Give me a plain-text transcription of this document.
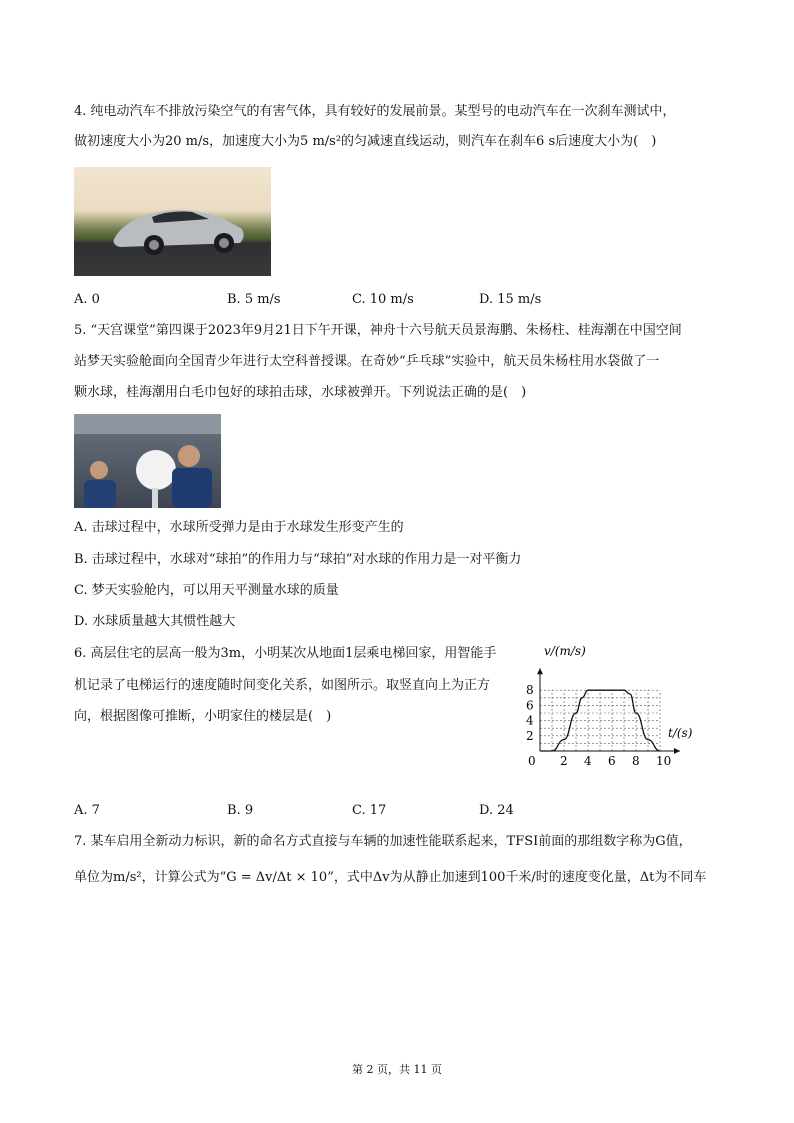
4. 纯电动汽车不排放污染空气的有害气体，具有较好的发展前景。某型号的电动汽车在一次刹车测试中，
做初速度大小为20 m/s，加速度大小为5 m/s²的匀减速直线运动，则汽车在刹车6 s后速度大小为(　)
A. 0	B. 5 m/s	C. 10 m/s	D. 15 m/s
5. “天宫课堂”第四课于2023年9月21日下午开课，神舟十六号航天员景海鹏、朱杨柱、桂海潮在中国空间
站梦天实验舱面向全国青少年进行太空科普授课。在奇妙“乒乓球”实验中，航天员朱杨柱用水袋做了一
颗水球，桂海潮用白毛巾包好的球拍击球，水球被弹开。下列说法正确的是(　)
A. 击球过程中，水球所受弹力是由于水球发生形变产生的
B. 击球过程中，水球对“球拍”的作用力与“球拍”对水球的作用力是一对平衡力
C. 梦天实验舱内，可以用天平测量水球的质量
D. 水球质量越大其惯性越大
6. 高层住宅的层高一般为3m，小明某次从地面1层乘电梯回家，用智能手
机记录了电梯运行的速度随时间变化关系，如图所示。取竖直向上为正方
向，根据图像可推断，小明家住的楼层是(　)
0 2 4 6 8 10
2
4
6
8
v/(m/s)
t/(s)
A. 7	B. 9	C. 17	D. 24
7. 某车启用全新动力标识，新的命名方式直接与车辆的加速性能联系起来，TFSI前面的那组数字称为G值，
单位为m/s²，计算公式为“G = Δv/Δt × 10”，式中Δv为从静止加速到100千米/时的速度变化量，Δt为不同车
第 2 页，共 11 页
